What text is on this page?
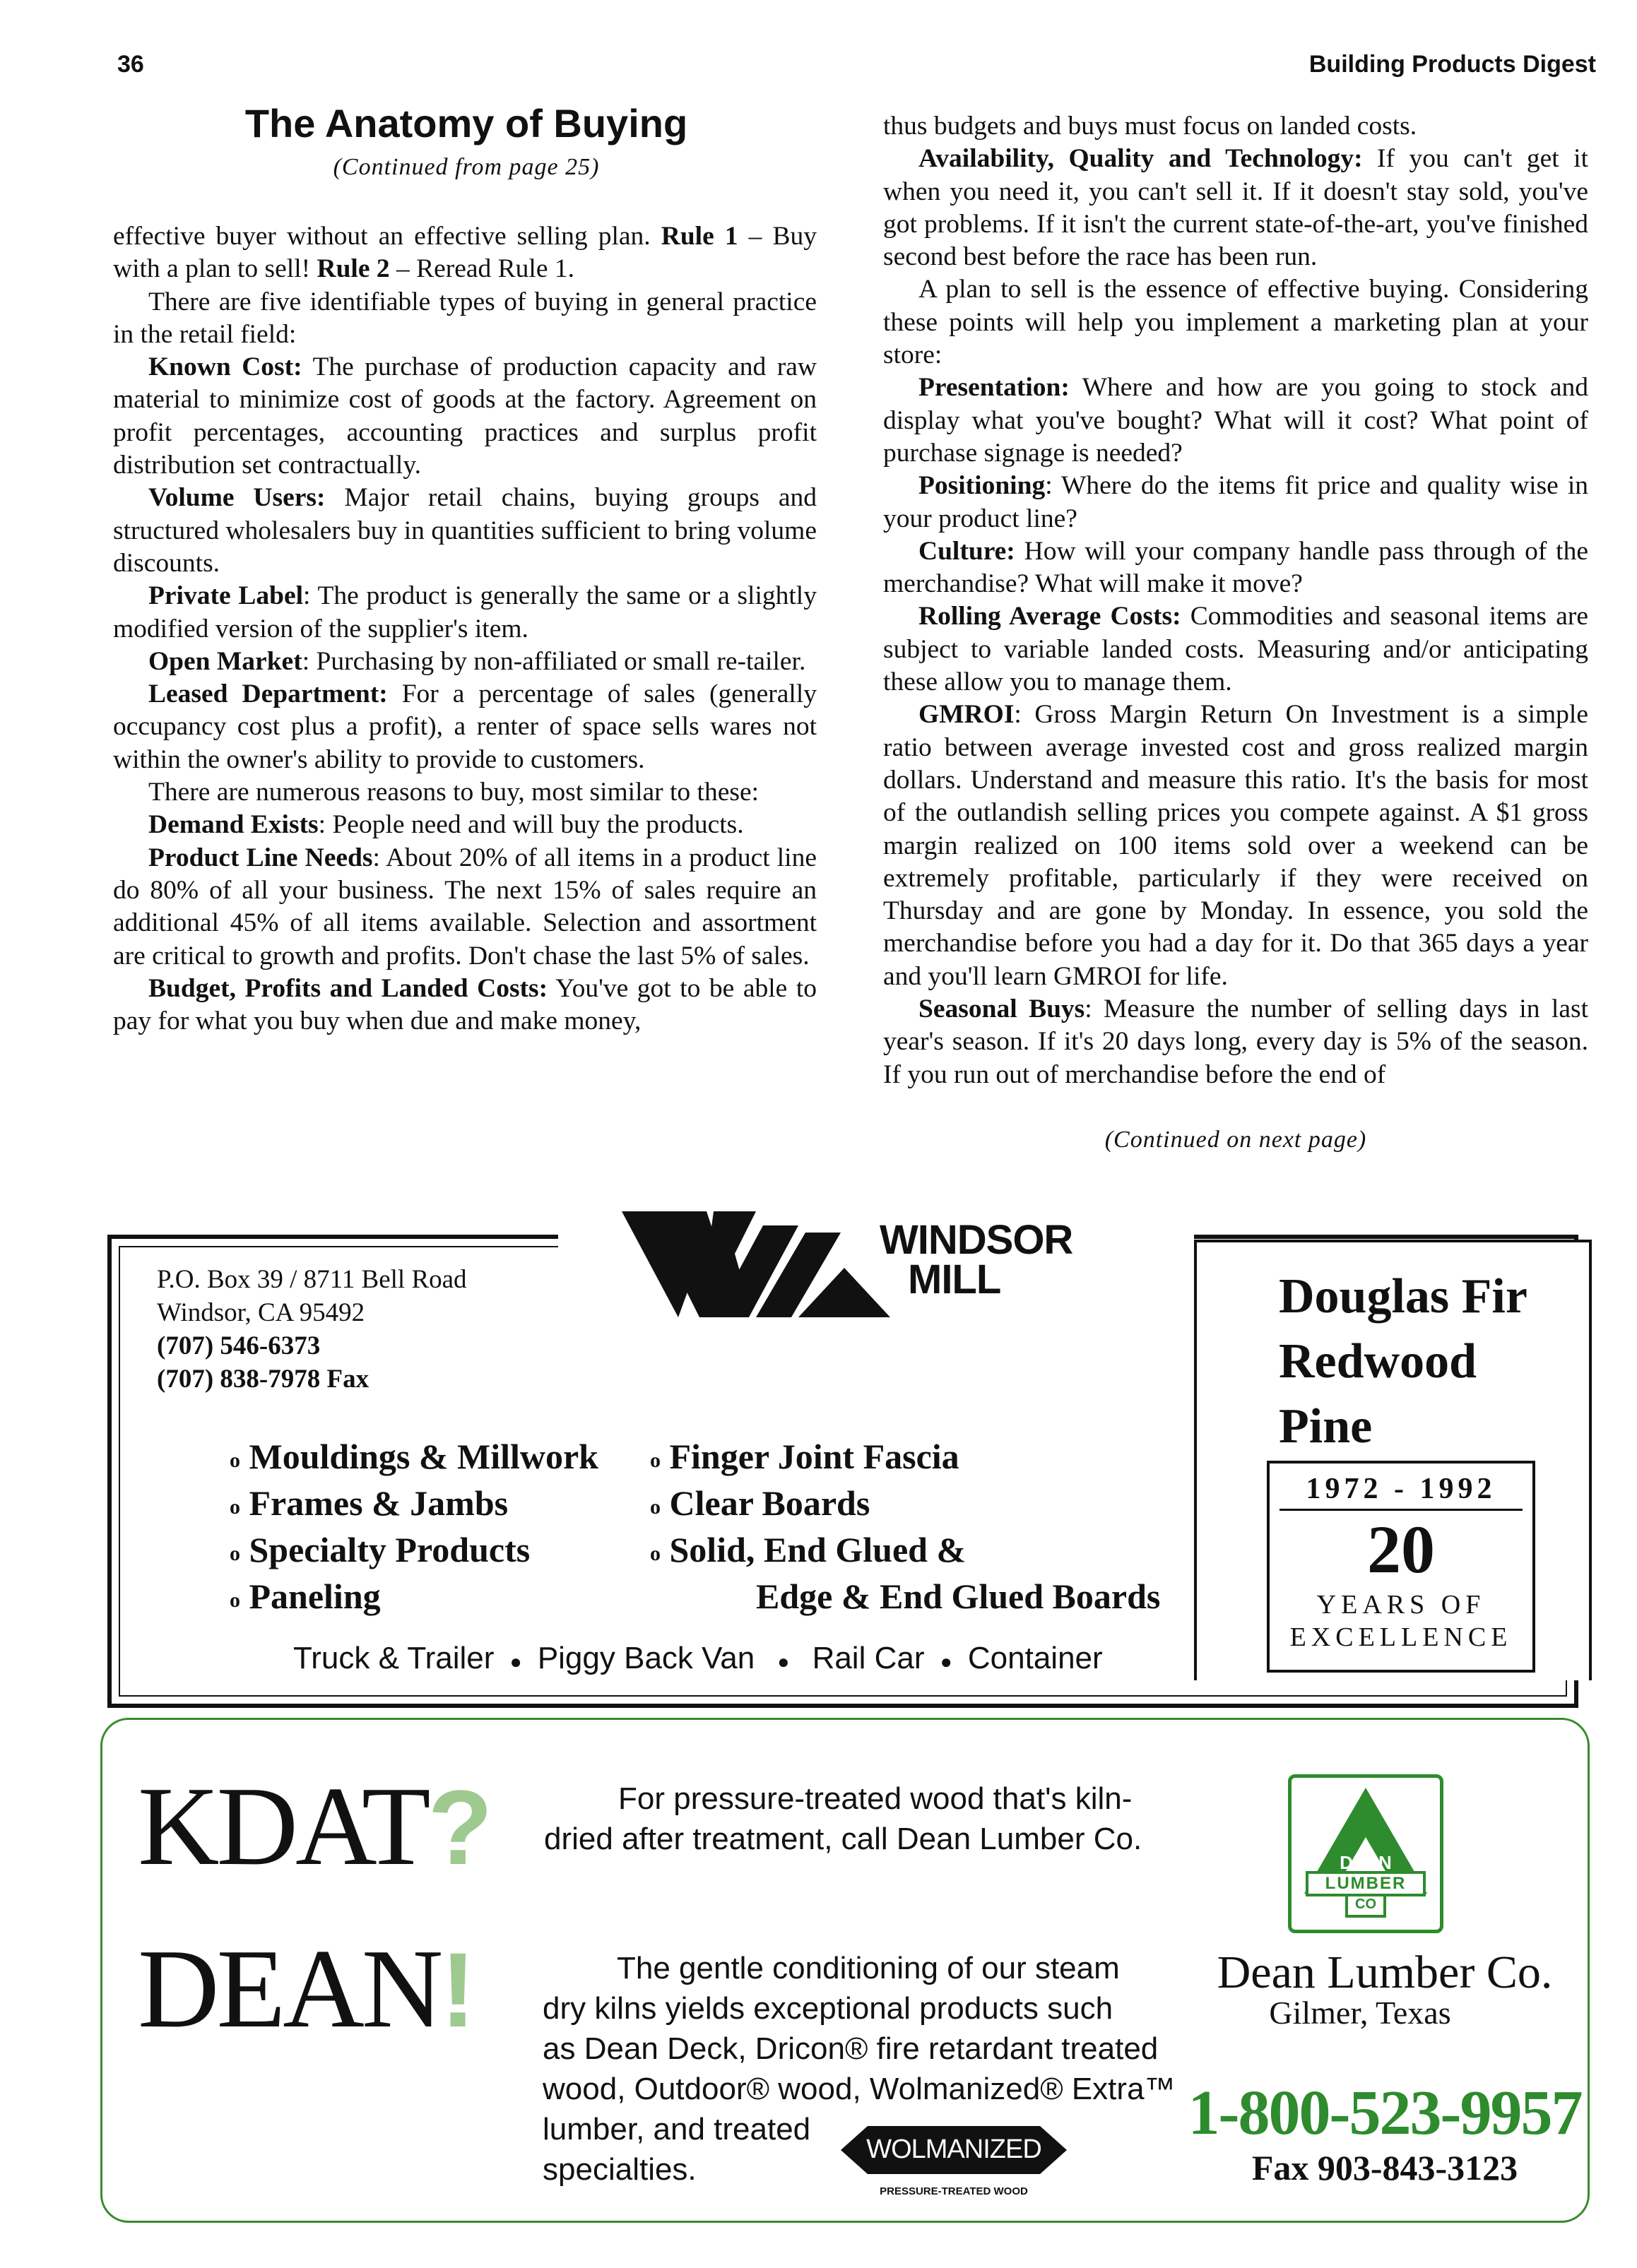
36	Building Products Digest
The Anatomy of Buying
(Continued from page 25)

effective buyer without an effective selling plan. Rule 1 – Buy with a plan to sell! Rule 2 – Reread Rule 1.

There are five identifiable types of buying in general practice in the retail field:

Known Cost: The purchase of production capacity and raw material to minimize cost of goods at the factory. Agreement on profit percentages, accounting practices and surplus profit distribution set contractually.

Volume Users: Major retail chains, buying groups and structured wholesalers buy in quantities sufficient to bring volume discounts.

Private Label: The product is generally the same or a slightly modified version of the supplier's item.

Open Market: Purchasing by non-affiliated or small re-tailer.

Leased Department: For a percentage of sales (generally occupancy cost plus a profit), a renter of space sells wares not within the owner's ability to provide to customers.

There are numerous reasons to buy, most similar to these:

Demand Exists: People need and will buy the products.

Product Line Needs: About 20% of all items in a product line do 80% of all your business. The next 15% of sales require an additional 45% of all items available. Selection and assortment are critical to growth and profits. Don't chase the last 5% of sales.

Budget, Profits and Landed Costs: You've got to be able to pay for what you buy when due and make money,

thus budgets and buys must focus on landed costs.

Availability, Quality and Technology: If you can't get it when you need it, you can't sell it. If it doesn't stay sold, you've got problems. If it isn't the current state-of-the-art, you've finished second best before the race has been run.

A plan to sell is the essence of effective buying. Considering these points will help you implement a marketing plan at your store:

Presentation: Where and how are you going to stock and display what you've bought? What will it cost? What point of purchase signage is needed?

Positioning: Where do the items fit price and quality wise in your product line?

Culture: How will your company handle pass through of the merchandise? What will make it move?

Rolling Average Costs: Commodities and seasonal items are subject to variable landed costs. Measuring and/or anticipating these allow you to manage them.

GMROI: Gross Margin Return On Investment is a simple ratio between average invested cost and gross realized margin dollars. Understand and measure this ratio. It's the basis for most of the outlandish selling prices you compete against. A $1 gross margin realized on 100 items sold over a weekend can be extremely profitable, particularly if they were received on Thursday and are gone by Monday. In essence, you sold the merchandise before you had a day for it. Do that 365 days a year and you'll learn GMROI for life.

Seasonal Buys: Measure the number of selling days in last year's season. If it's 20 days long, every day is 5% of the season. If you run out of merchandise before the end of

(Continued on next page)
WINDSOR
MILL
P.O. Box 39 / 8711 Bell Road
Windsor, CA 95492
(707) 546-6373
(707) 838-7978 Fax
o Mouldings & Millwork
o Frames & Jambs
o Specialty Products
o Paneling
o Finger Joint Fascia
o Clear Boards
o Solid, End Glued &
Edge & End Glued Boards
Truck & Trailer ● Piggy Back Van ● Rail Car ● Container
Douglas Fir
Redwood
Pine
1972 - 1992
20
YEARS OF
EXCELLENCE
KDAT?
DEAN!
For pressure-treated wood that's kiln-
dried after treatment, call Dean Lumber Co.
The gentle conditioning of our steam
dry kilns yields exceptional products such
as Dean Deck, Dricon® fire retardant treated
wood, Outdoor® wood, Wolmanized® Extra™
lumber, and treated
specialties.
WOLMANIZED
PRESSURE-TREATED WOOD
DEAN
LUMBER
CO
Dean Lumber Co.
Gilmer, Texas
1-800-523-9957
Fax 903-843-3123
